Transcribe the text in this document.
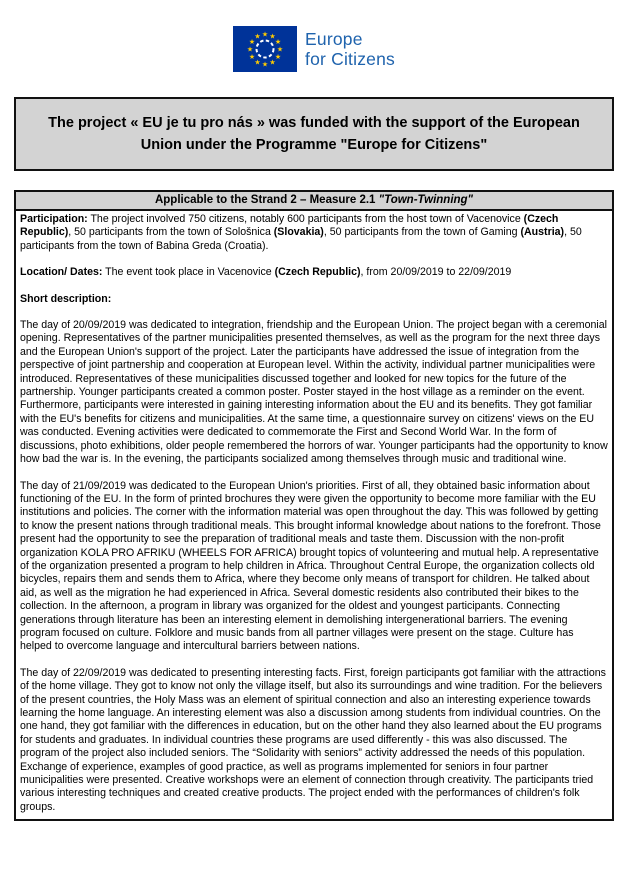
★ ★
★
★
★
★
★
★
★
★
★
★	Europe
for Citizens
The project « EU je tu pro nás » was funded with the support of the European Union under the Programme "Europe for Citizens"
Applicable to the Strand 2 – Measure 2.1 "Town-Twinning"

Participation: The project involved 750 citizens, notably 600 participants from the host town of Vacenovice (Czech Republic), 50 participants from the town of Sološnica (Slovakia), 50 participants from the town of Gaming (Austria), 50 participants from the town of Babina Greda (Croatia).

Location/ Dates: The event took place in Vacenovice (Czech Republic), from 20/09/2019 to 22/09/2019

Short description:

The day of 20/09/2019 was dedicated to integration, friendship and the European Union. The project began with a ceremonial opening. Representatives of the partner municipalities presented themselves, as well as the program for the next three days and the European Union's support of the project. Later the participants have addressed the issue of integration from the perspective of joint partnership and cooperation at European level. Within the activity, individual partner municipalities were introduced. Representatives of these municipalities discussed together and looked for new topics for the future of the partnership. Younger participants created a common poster. Poster stayed in the host village as a reminder on the event. Furthermore, participants were interested in gaining interesting information about the EU and its benefits. They got familiar with the EU's benefits for citizens and municipalities. At the same time, a questionnaire survey on citizens' views on the EU was conducted. Evening activities were dedicated to commemorate the First and Second World War. In the form of discussions, photo exhibitions, older people remembered the horrors of war. Younger participants had the opportunity to know how bad the war is. In the evening, the participants socialized among themselves through music and traditional wine.

The day of 21/09/2019 was dedicated to the European Union's priorities. First of all, they obtained basic information about functioning of the EU. In the form of printed brochures they were given the opportunity to become more familiar with the EU institutions and policies. The corner with the information material was open throughout the day. This was followed by getting to know the present nations through traditional meals. This brought informal knowledge about nations to the forefront. Those present had the opportunity to see the preparation of traditional meals and taste them. Discussion with the non-profit organization KOLA PRO AFRIKU (WHEELS FOR AFRICA) brought topics of volunteering and mutual help. A representative of the organization presented a program to help children in Africa. Throughout Central Europe, the organization collects old bicycles, repairs them and sends them to Africa, where they become only means of transport for children. He talked about aid, as well as the migration he had experienced in Africa. Several domestic residents also contributed their bikes to the collection. In the afternoon, a program in library was organized for the oldest and youngest participants. Connecting generations through literature has been an interesting element in demolishing intergenerational barriers. The evening program focused on culture. Folklore and music bands from all partner villages were present on the stage. Culture has helped to overcome language and intercultural barriers between nations.

The day of 22/09/2019 was dedicated to presenting interesting facts. First, foreign participants got familiar with the attractions of the home village. They got to know not only the village itself, but also its surroundings and wine tradition. For the believers of the present countries, the Holy Mass was an element of spiritual connection and also an interesting experience towards learning the home language. An interesting element was also a discussion among students from individual countries. On the one hand, they got familiar with the differences in education, but on the other hand they also learned about the EU programs for students and graduates. In individual countries these programs are used differently - this was also discussed. The program of the project also included seniors. The “Solidarity with seniors” activity addressed the needs of this population. Exchange of experience, examples of good practice, as well as programs implemented for seniors in four partner municipalities were presented. Creative workshops were an element of connection through creativity. The participants tried various interesting techniques and created creative products. The project ended with the performances of children's folk groups.
